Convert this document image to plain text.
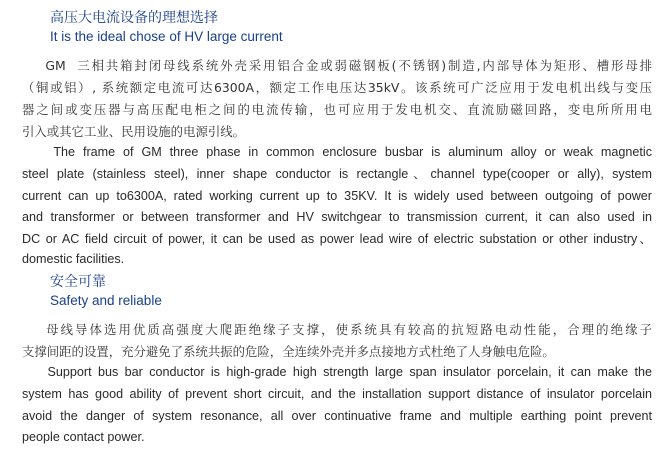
高压大电流设备的理想选择
It is the ideal chose of HV large current
GM  三相共箱封闭母线系统外壳采用铝合金或弱磁钢板(不锈钢)制造,内部导体为矩形、槽形母排
（铜或铝）, 系统额定电流可达6300A，额定工作电压达35kV。该系统可广泛应用于发电机出线与变压
器之间或变压器与高压配电柜之间的电流传输，也可应用于发电机交、直流励磁回路，变电所所用电
引入或其它工业、民用设施的电源引线。
The frame of GM three phase in common enclosure busbar is aluminum alloy or weak magnetic
steel plate (stainless steel), inner shape conductor is rectangle、channel type(cooper or ally), system
current can up to6300A, rated working current up to 35KV. It is widely used between outgoing of power
and transformer or between transformer and HV switchgear to transmission current, it can also used in
DC or AC field circuit of power, it can be used as power lead wire of electric substation or other industry、
domestic facilities.
安全可靠
Safety and reliable
母线导体选用优质高强度大爬距绝缘子支撑，使系统具有较高的抗短路电动性能，合理的绝缘子
支撑间距的设置，充分避免了系统共振的危险，全连续外壳并多点接地方式杜绝了人身触电危险。
Support bus bar conductor is high-grade high strength large span insulator porcelain, it can make the
system has good ability of prevent short circuit, and the installation support distance of insulator porcelain
avoid the danger of system resonance, all over continuative frame and multiple earthing point prevent
people contact power.
